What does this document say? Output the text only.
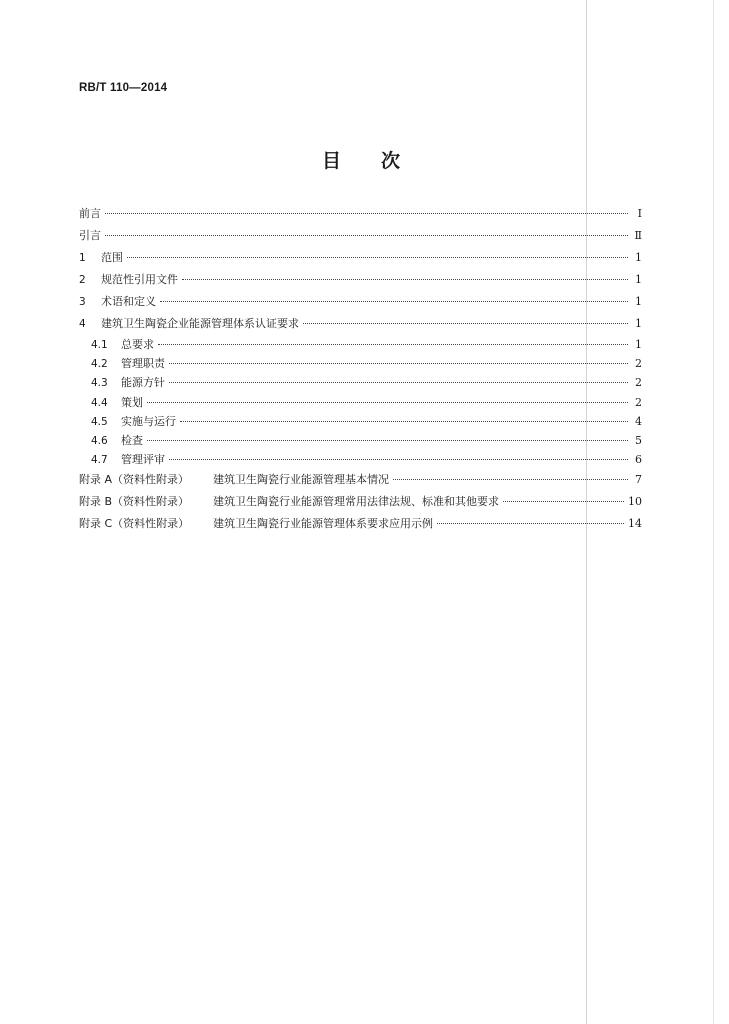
RB/T 110—2014
目次
前言	Ⅰ
引言	Ⅱ
1	范围	1
2	规范性引用文件	1
3	术语和定义	1
4	建筑卫生陶瓷企业能源管理体系认证要求	1
4.1	总要求	1
4.2	管理职责	2
4.3	能源方针	2
4.4	策划	2
4.5	实施与运行	4
4.6	检查	5
4.7	管理评审	6
附录 A（资料性附录）	建筑卫生陶瓷行业能源管理基本情况	7
附录 B（资料性附录）	建筑卫生陶瓷行业能源管理常用法律法规、标准和其他要求	10
附录 C（资料性附录）	建筑卫生陶瓷行业能源管理体系要求应用示例	14
